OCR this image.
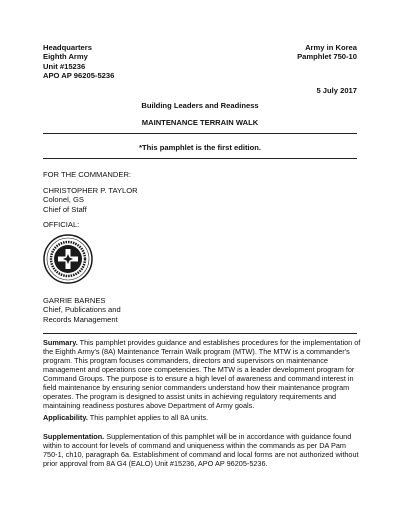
Headquarters
Eighth Army
Unit #15236
APO AP 96205-5236
Army in Korea
Pamphlet 750-10
5 July 2017
Building Leaders and Readiness
MAINTENANCE TERRAIN WALK
*This pamphlet is the first edition.
FOR THE COMMANDER:
CHRISTOPHER P. TAYLOR
Colonel, GS
Chief of Staff
OFFICIAL:
GARRIE BARNES
Chief, Publications and
Records Management
Summary. This pamphlet provides guidance and establishes procedures for the implementation of the Eighth Army's (8A) Maintenance Terrain Walk program (MTW). The MTW is a commander's program. This program focuses commanders, directors and supervisors on maintenance management and operations core competencies. The MTW is a leader development program for Command Groups. The purpose is to ensure a high level of awareness and command interest in field maintenance by ensuring senior commanders understand how their maintenance program operates. The program is designed to assist units in achieving regulatory requirements and maintaining readiness postures above Department of Army goals.
Applicability. This pamphlet applies to all 8A units.
Supplementation. Supplementation of this pamphlet will be in accordance with guidance found within to account for levels of command and uniqueness within the commands as per DA Pam 750-1, ch10, paragraph 6a. Establishment of command and local forms are not authorized without prior approval from 8A G4 (EALO) Unit #15236, APO AP 96205-5236.
